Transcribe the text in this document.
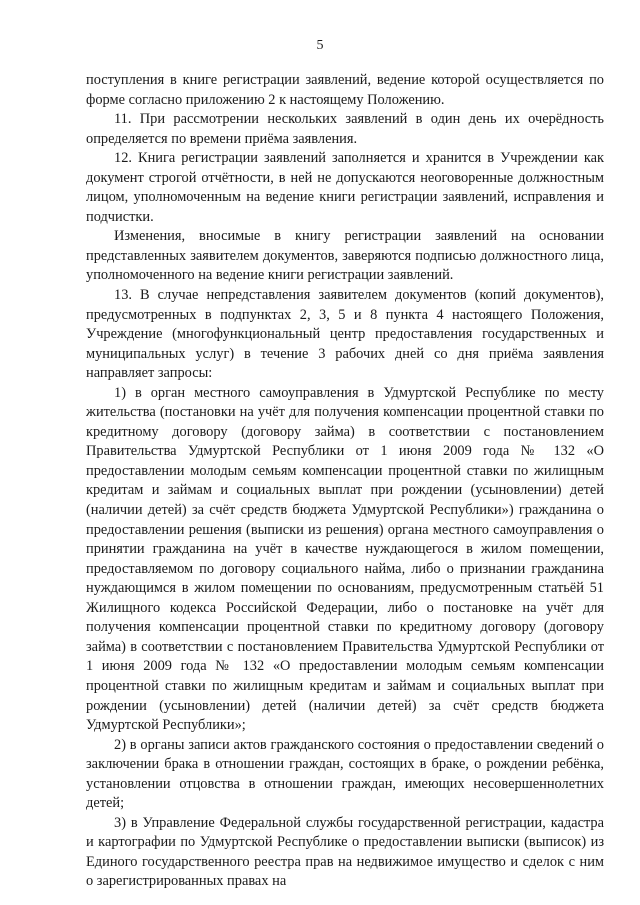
5

поступления в книге регистрации заявлений, ведение которой осуществляется по форме согласно приложению 2 к настоящему Положению.

11. При рассмотрении нескольких заявлений в один день их очерёдность определяется по времени приёма заявления.

12. Книга регистрации заявлений заполняется и хранится в Учреждении как документ строгой отчётности, в ней не допускаются неоговоренные должностным лицом, уполномоченным на ведение книги регистрации заявлений, исправления и подчистки.

Изменения, вносимые в книгу регистрации заявлений на основании представленных заявителем документов, заверяются подписью должностного лица, уполномоченного на ведение книги регистрации заявлений.

13. В случае непредставления заявителем документов (копий документов), предусмотренных в подпунктах 2, 3, 5 и 8 пункта 4 настоящего Положения, Учреждение (многофункциональный центр предоставления государственных и муниципальных услуг) в течение 3 рабочих дней со дня приёма заявления направляет запросы:

1) в орган местного самоуправления в Удмуртской Республике по месту жительства (постановки на учёт для получения компенсации процентной ставки по кредитному договору (договору займа) в соответствии с постановлением Правительства Удмуртской Республики от 1 июня 2009 года № 132 «О предоставлении молодым семьям компенсации процентной ставки по жилищным кредитам и займам и социальных выплат при рождении (усыновлении) детей (наличии детей) за счёт средств бюджета Удмуртской Республики») гражданина о предоставлении решения (выписки из решения) органа местного самоуправления о принятии гражданина на учёт в качестве нуждающегося в жилом помещении, предоставляемом по договору социального найма, либо о признании гражданина нуждающимся в жилом помещении по основаниям, предусмотренным статьёй 51 Жилищного кодекса Российской Федерации, либо о постановке на учёт для получения компенсации процентной ставки по кредитному договору (договору займа) в соответствии с постановлением Правительства Удмуртской Республики от 1 июня 2009 года № 132 «О предоставлении молодым семьям компенсации процентной ставки по жилищным кредитам и займам и социальных выплат при рождении (усыновлении) детей (наличии детей) за счёт средств бюджета Удмуртской Республики»;

2) в органы записи актов гражданского состояния о предоставлении сведений о заключении брака в отношении граждан, состоящих в браке, о рождении ребёнка, установлении отцовства в отношении граждан, имеющих несовершеннолетних детей;

3) в Управление Федеральной службы государственной регистрации, кадастра и картографии по Удмуртской Республике о предоставлении выписки (выписок) из Единого государственного реестра прав на недвижимое имущество и сделок с ним о зарегистрированных правах на
